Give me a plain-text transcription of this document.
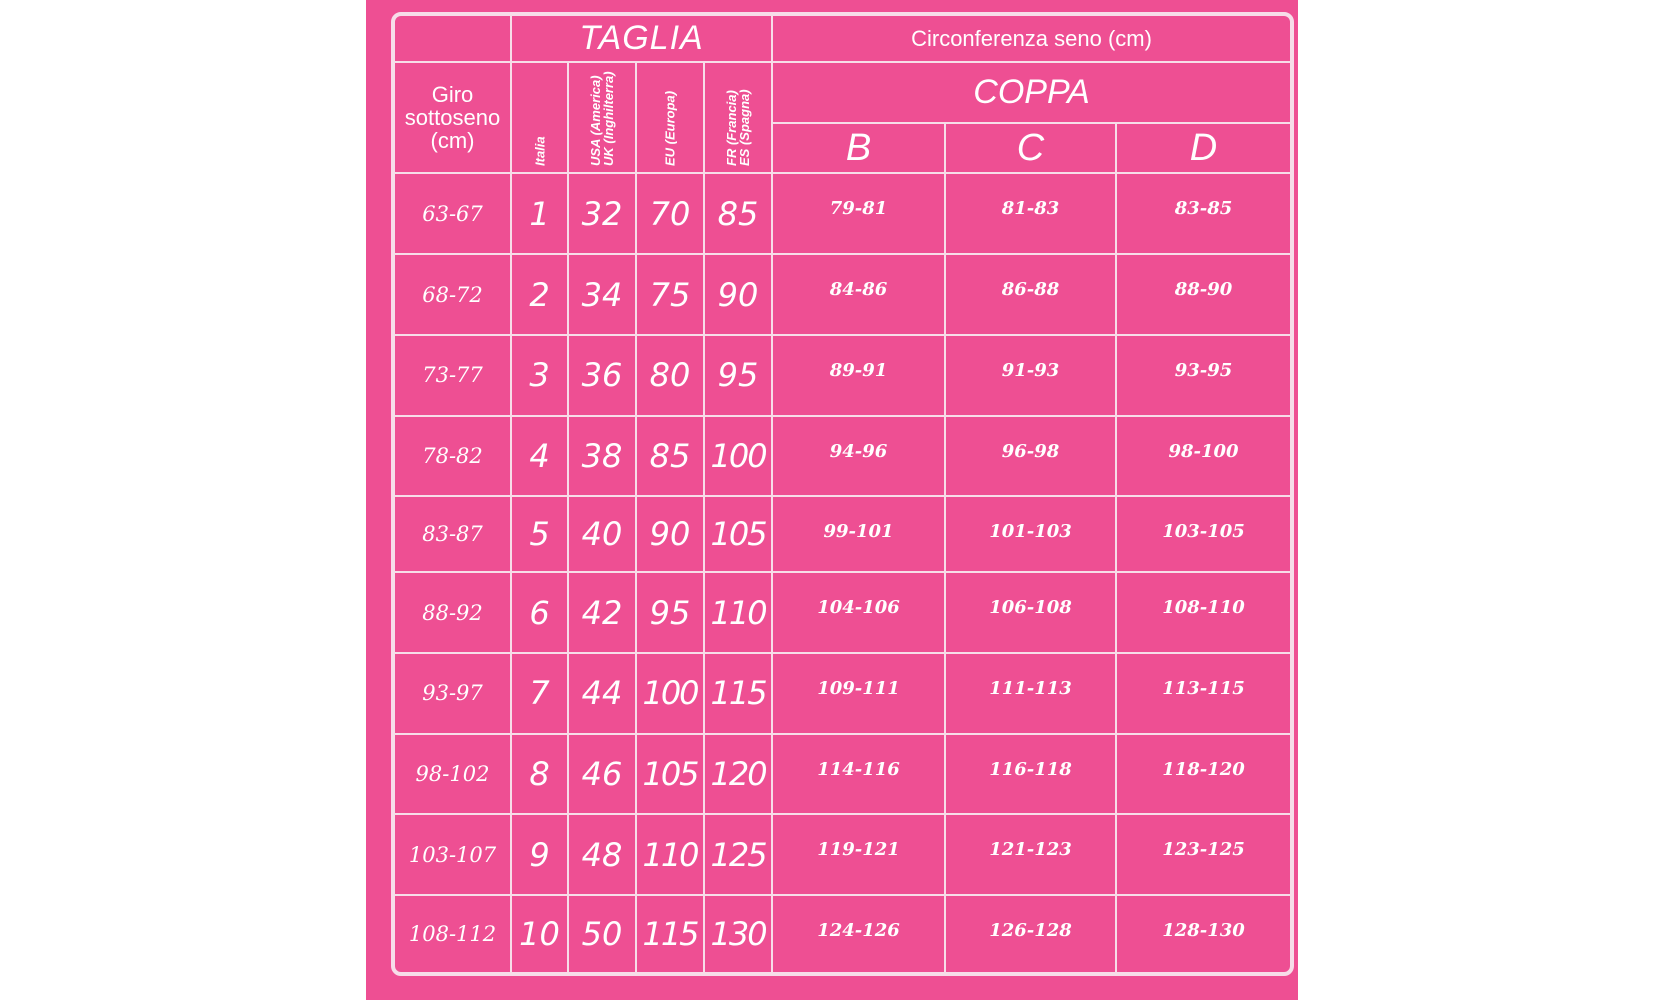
	TAGLIA				Circonferenza seno (cm)		
Giro
sottoseno
(cm)	Italia	USA (America)
UK (Inghilterra)	EU (Europa)	FR (Francia)
ES (Spagna)	COPPA		
					B	C	D
63-67	1	32	70	85	79-81	81-83	83-85
68-72	2	34	75	90	84-86	86-88	88-90
73-77	3	36	80	95	89-91	91-93	93-95
78-82	4	38	85	100	94-96	96-98	98-100
83-87	5	40	90	105	99-101	101-103	103-105
88-92	6	42	95	110	104-106	106-108	108-110
93-97	7	44	100	115	109-111	111-113	113-115
98-102	8	46	105	120	114-116	116-118	118-120
103-107	9	48	110	125	119-121	121-123	123-125
108-112	10	50	115	130	124-126	126-128	128-130
